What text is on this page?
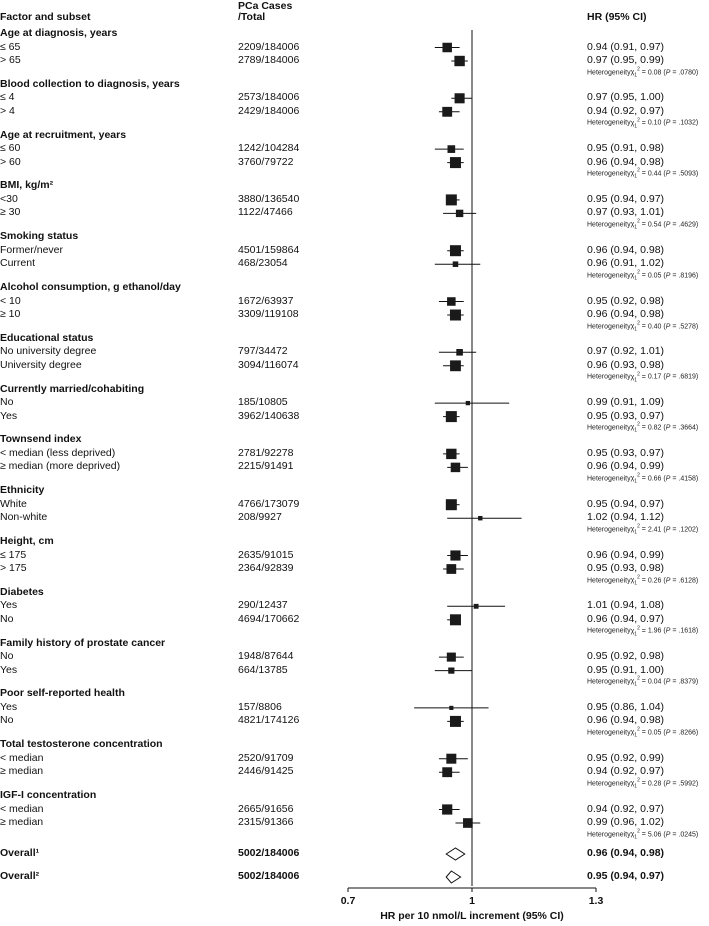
Factor and subset
PCa Cases
/Total	HR (95% CI)
Age at diagnosis, years
≤ 65	2209/184006	0.94 (0.91, 0.97)
> 65	2789/184006	0.97 (0.95, 0.99)
Heterogeneityχ$_1^2$ = 0.08 (P = .0780)
Blood collection to diagnosis, years
≤ 4	2573/184006	0.97 (0.95, 1.00)
> 4	2429/184006	0.94 (0.92, 0.97)
Heterogeneityχ$_1^2$ = 0.10 (P = .1032)
Age at recruitment, years
≤ 60	1242/104284	0.95 (0.91, 0.98)
> 60	3760/79722	0.96 (0.94, 0.98)
Heterogeneityχ$_1^2$ = 0.44 (P = .5093)
BMI, kg/m²
<30	3880/136540	0.95 (0.94, 0.97)
≥ 30	1122/47466	0.97 (0.93, 1.01)
Heterogeneityχ$_1^2$ = 0.54 (P = .4629)
Smoking status
Former/never	4501/159864	0.96 (0.94, 0.98)
Current	468/23054	0.96 (0.91, 1.02)
Heterogeneityχ$_1^2$ = 0.05 (P = .8196)
Alcohol consumption, g ethanol/day
< 10	1672/63937	0.95 (0.92, 0.98)
≥ 10	3309/119108	0.96 (0.94, 0.98)
Heterogeneityχ$_1^2$ = 0.40 (P = .5278)
Educational status
No university degree	797/34472	0.97 (0.92, 1.01)
University degree	3094/116074	0.96 (0.93, 0.98)
Heterogeneityχ$_1^2$ = 0.17 (P = .6819)
Currently married/cohabiting
No	185/10805	0.99 (0.91, 1.09)
Yes	3962/140638	0.95 (0.93, 0.97)
Heterogeneityχ$_1^2$ = 0.82 (P = .3664)
Townsend index
< median (less deprived)	2781/92278	0.95 (0.93, 0.97)
≥ median (more deprived)	2215/91491	0.96 (0.94, 0.99)
Heterogeneityχ$_1^2$ = 0.66 (P = .4158)
Ethnicity
White	4766/173079	0.95 (0.94, 0.97)
Non-white	208/9927	1.02 (0.94, 1.12)
Heterogeneityχ$_1^2$ = 2.41 (P = .1202)
Height, cm
≤ 175	2635/91015	0.96 (0.94, 0.99)
> 175	2364/92839	0.95 (0.93, 0.98)
Heterogeneityχ$_1^2$ = 0.26 (P = .6128)
Diabetes
Yes	290/12437	1.01 (0.94, 1.08)
No	4694/170662	0.96 (0.94, 0.97)
Heterogeneityχ$_1^2$ = 1.96 (P = .1618)
Family history of prostate cancer
No	1948/87644	0.95 (0.92, 0.98)
Yes	664/13785	0.95 (0.91, 1.00)
Heterogeneityχ$_1^2$ = 0.04 (P = .8379)
Poor self-reported health
Yes	157/8806	0.95 (0.86, 1.04)
No	4821/174126	0.96 (0.94, 0.98)
Heterogeneityχ$_1^2$ = 0.05 (P = .8266)
Total testosterone concentration
< median	2520/91709	0.95 (0.92, 0.99)
≥ median	2446/91425	0.94 (0.92, 0.97)
Heterogeneityχ$_1^2$ = 0.28 (P = .5992)
IGF-I concentration
< median	2665/91656	0.94 (0.92, 0.97)
≥ median	2315/91366	0.99 (0.96, 1.02)
Heterogeneityχ$_1^2$ = 5.06 (P = .0245)
Overall¹	5002/184006	0.96 (0.94, 0.98)
Overall²	5002/184006	0.95 (0.94, 0.97)
0.7	1	1.3
HR per 10 nmol/L increment (95% CI)
